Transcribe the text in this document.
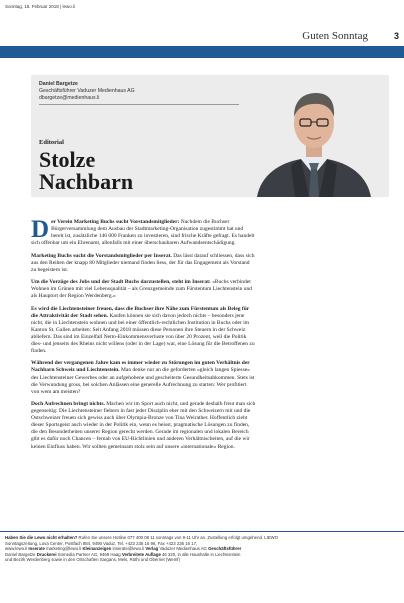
Sonntag, 18. Februar 2018 | lewo.li
Guten Sonntag	3
Daniel Bargetze
Geschäftsführer Vaduzer Medienhaus AG
dbargetze@medienhaus.li
Editorial
Stolze
Nachbarn

Der Verein Marketing Buchs sucht Vorstandsmitglieder: Nachdem die Buchser Bürgerversammlung dem Ausbau der Stadtmarketing-Organisation zugestimmt hat und bereit ist, zusätzliche 146 000 Franken zu investieren, sind frische Kräfte gefragt. Es handelt sich offenbar um ein Ehrenamt, allenfalls mit einer überschaubaren Aufwandsentschädigung.

Marketing Buchs sucht die Vorstandsmitglieder per Inserat. Das lässt darauf schliessen, dass sich aus den Reihen der knapp 80 Mitglieder niemand finden liess, der für das Engagement als Vorstand zu begeistern ist.

Um die Vorzüge des Jobs und der Stadt Buchs darzustellen, steht im Inserat: «Buchs verbindet Wohnen im Grünen mit viel Lebensqualität – als Grenzgemeinde zum Fürstentum Liechtenstein und als Hauptort der Region Werdenberg.»

Es wird die Liechtensteiner freuen, dass die Buchser ihre Nähe zum Fürstentum als Beleg für die Attraktivität der Stadt sehen. Kaufen können sie sich davon jedoch nichts – besonders jene nicht, die in Liechtenstein wohnen und bei einer öffentlich-rechtlichen Institution in Buchs oder im Kanton St. Gallen arbeiten: Seit Anfang 2018 müssen diese Personen ihre Steuern in der Schweiz abliefern. Das sind im Einzelfall Netto-Einkommensverluste von über 20 Prozent, weil die Politik dies- und jenseits des Rheins nicht willens (oder in der Lage) war, eine Lösung für die Betroffenen zu finden.

Während der vergangenen Jahre kam es immer wieder zu Störungen im guten Verhältnis der Nachbarn Schweiz und Liechtenstein. Man denke nur an die geforderten «gleich langen Spiesse» des Liechtensteiner Gewerbes oder an aufgehobene und gescheiterte Gesundheitsabkommen. Stets ist die Verwundung gross, bei solchen Anlässen eine generelle Aufrechnung zu starten: Wer profitiert von wem am meisten?

Doch Aufrechnen bringt nichts. Machen wir im Sport auch nicht, und gerade deshalb freut man sich gegenseitig: Die Liechtensteiner fiebern in fast jeder Disziplin eher mit den Schweizern mit und die Ostschweizer freuen sich gewiss auch über Olympia-Bronze von Tina Weirather. Hoffentlich zieht dieser Sportsgeist auch wieder in der Politik ein, wenn es heisst, pragmatische Lösungen zu finden, die den Besonderheiten unserer Region gerecht werden. Gerade im regionalen und lokalen Bereich gibt es dafür noch Chancen – fernab von EU-Richtlinien und anderen Verhältnischeiten, auf die wir keinen Einfluss haben. Wir sollten gemeinsam stolz sein auf unsere «internationale» Region.

Haben Sie die Lewo nicht erhalten? Rufen Sie unsere Hotline 077 400 08 11 sonntags von 9-11 Uhr an. Zustellung erfolgt umgehend. LIEWO Sonntagszeitung, Lova Center, Postfach 884, 9490 Vaduz, Tel. +423 236 16 96, Fax +423 236 16 17,
www.lewo.li Inserate marketing@lewo.li Kleinanzeigen inserate@lewo.li Verlag Vaduzer Medienhaus AG Geschäftsführer
Daniel Bargetze Druckerei Somedia Partner AG, 9469 Haag Verbreitete Auflage 46 320, in alle Haushalte in Liechtenstein
und Bezirk Werdenberg sowie in den Ortschaften Sargans, Mels, Rüthi und Oberriet (Wemf)
